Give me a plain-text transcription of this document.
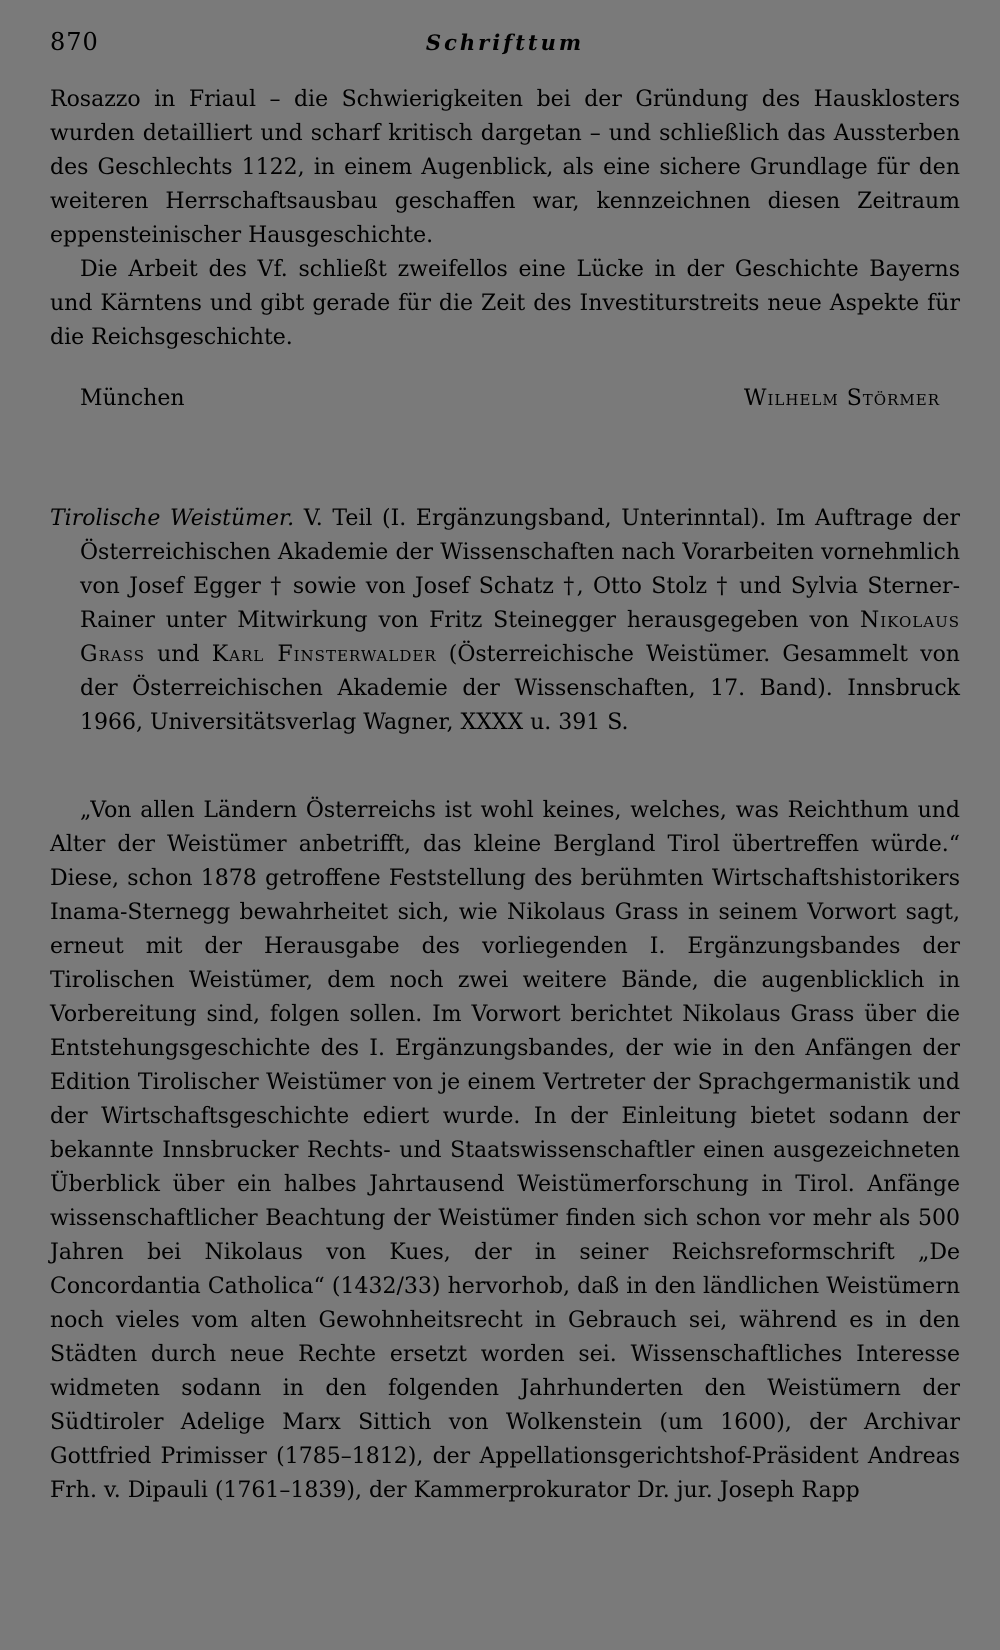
870	Schrifttum

Rosazzo in Friaul – die Schwierigkeiten bei der Gründung des Hausklosters wurden detailliert und scharf kritisch dargetan – und schließlich das Aussterben des Geschlechts 1122, in einem Augenblick, als eine sichere Grundlage für den weiteren Herrschaftsausbau geschaffen war, kennzeichnen diesen Zeitraum eppensteinischer Hausgeschichte.

Die Arbeit des Vf. schließt zweifellos eine Lücke in der Geschichte Bayerns und Kärntens und gibt gerade für die Zeit des Investiturstreits neue Aspekte für die Reichsgeschichte.

München	Wilhelm Störmer
Tirolische Weistümer. V. Teil (I. Ergänzungsband, Unterinntal). Im Auftrage der Österreichischen Akademie der Wissenschaften nach Vorarbeiten vornehmlich von Josef Egger † sowie von Josef Schatz †, Otto Stolz † und Sylvia Sterner-Rainer unter Mitwirkung von Fritz Steinegger herausgegeben von Nikolaus Grass und Karl Finsterwalder (Österreichische Weistümer. Gesammelt von der Österreichischen Akademie der Wissenschaften, 17. Band). Innsbruck 1966, Universitätsverlag Wagner, XXXX u. 391 S.

„Von allen Ländern Österreichs ist wohl keines, welches, was Reichthum und Alter der Weistümer anbetrifft, das kleine Bergland Tirol übertreffen würde.“ Diese, schon 1878 getroffene Feststellung des berühmten Wirtschaftshistorikers Inama-Sternegg bewahrheitet sich, wie Nikolaus Grass in seinem Vorwort sagt, erneut mit der Herausgabe des vorliegenden I. Ergänzungsbandes der Tirolischen Weistümer, dem noch zwei weitere Bände, die augenblicklich in Vorbereitung sind, folgen sollen. Im Vorwort berichtet Nikolaus Grass über die Entstehungsgeschichte des I. Ergänzungsbandes, der wie in den Anfängen der Edition Tirolischer Weistümer von je einem Vertreter der Sprachgermanistik und der Wirtschaftsgeschichte ediert wurde. In der Einleitung bietet sodann der bekannte Innsbrucker Rechts- und Staatswissenschaftler einen ausgezeichneten Überblick über ein halbes Jahrtausend Weistümerforschung in Tirol. Anfänge wissenschaftlicher Beachtung der Weistümer finden sich schon vor mehr als 500 Jahren bei Nikolaus von Kues, der in seiner Reichsreformschrift „De Concordantia Catholica“ (1432/33) hervorhob, daß in den ländlichen Weistümern noch vieles vom alten Gewohnheitsrecht in Gebrauch sei, während es in den Städten durch neue Rechte ersetzt worden sei. Wissenschaftliches Interesse widmeten sodann in den folgenden Jahrhunderten den Weistümern der Südtiroler Adelige Marx Sittich von Wolkenstein (um 1600), der Archivar Gottfried Primisser (1785–1812), der Appellationsgerichtshof-Präsident Andreas Frh. v. Dipauli (1761–1839), der Kammerprokurator Dr. jur. Joseph Rapp
